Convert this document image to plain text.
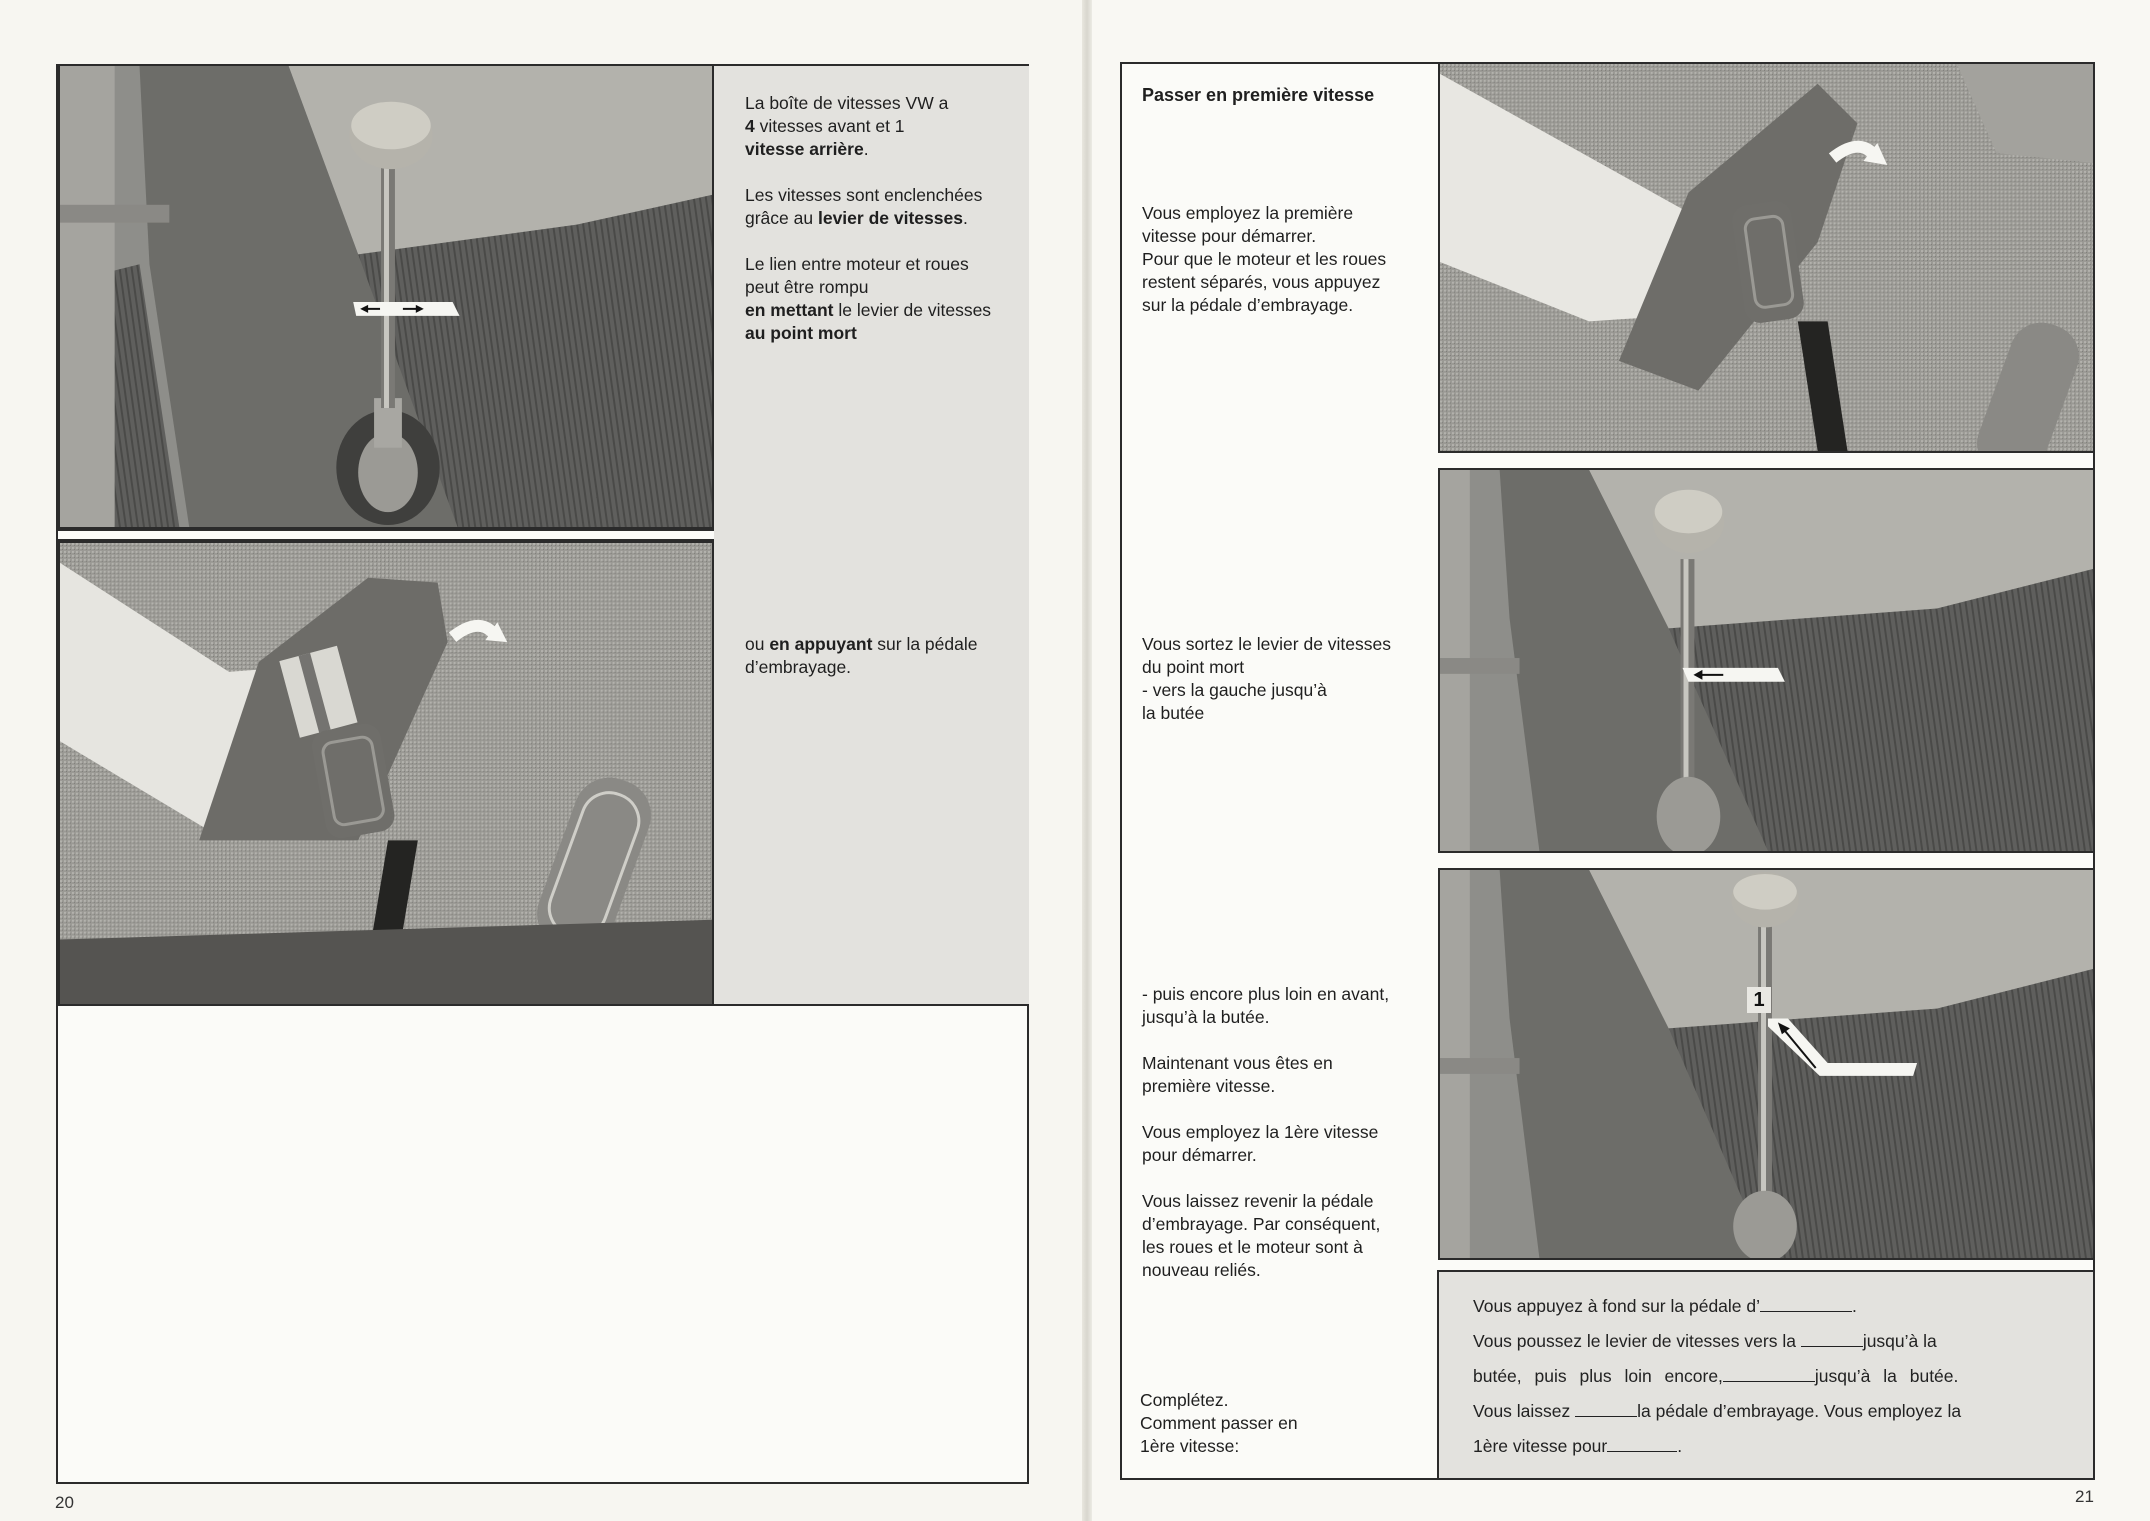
La boîte de vitesses VW a
4 vitesses avant et 1
vitesse arrière.

Les vitesses sont enclenchées
grâce au levier de vitesses.

Le lien entre moteur et roues
peut être rompu
en mettant le levier de vitesses
au point mort

ou en appuyant sur la pédale
d’embrayage.
20
1
Passer en première vitesse
Vous employez la première
vitesse pour démarrer.
Pour que le moteur et les roues
restent séparés, vous appuyez
sur la pédale d’embrayage.
Vous sortez le levier de vitesses
du point mort
- vers la gauche jusqu’à
la butée

- puis encore plus loin en avant,
jusqu’à la butée.

Maintenant vous êtes en
première vitesse.

Vous employez la 1ère vitesse
pour démarrer.

Vous laissez revenir la pédale
d’embrayage. Par conséquent,
les roues et le moteur sont à
nouveau reliés.

Complétez.
Comment passer en
1ère vitesse:
Vous appuyez à fond sur la pédale d’	.
Vous poussez le levier de vitesses vers la	jusqu’à la
butée, puis plus loin encore,	jusqu’à la butée.
Vous laissez	la pédale d’embrayage. Vous employez la
1ère vitesse pour	.
21
